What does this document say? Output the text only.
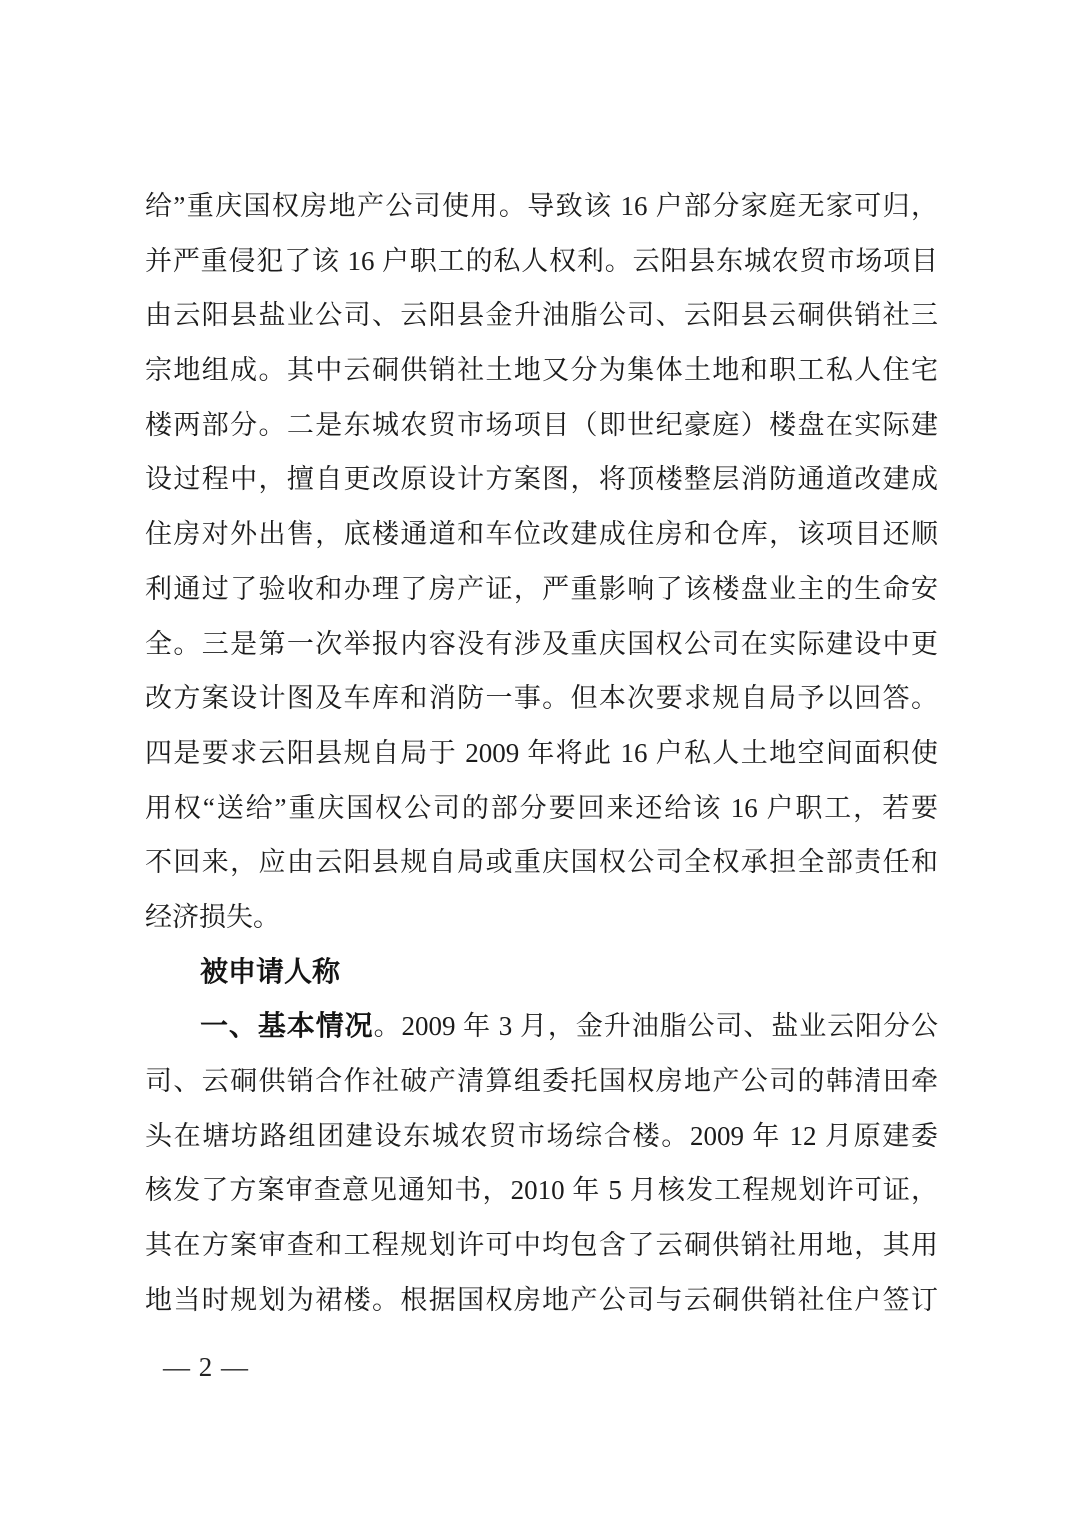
给”重庆国权房地产公司使用。导致该 16 户部分家庭无家可归，
并严重侵犯了该 16 户职工的私人权利。云阳县东城农贸市场项目
由云阳县盐业公司、云阳县金升油脂公司、云阳县云硐供销社三
宗地组成。其中云硐供销社土地又分为集体土地和职工私人住宅
楼两部分。二是东城农贸市场项目（即世纪豪庭）楼盘在实际建
设过程中，擅自更改原设计方案图，将顶楼整层消防通道改建成
住房对外出售，底楼通道和车位改建成住房和仓库，该项目还顺
利通过了验收和办理了房产证，严重影响了该楼盘业主的生命安
全。三是第一次举报内容没有涉及重庆国权公司在实际建设中更
改方案设计图及车库和消防一事。但本次要求规自局予以回答。
四是要求云阳县规自局于 2009 年将此 16 户私人土地空间面积使
用权“送给”重庆国权公司的部分要回来还给该 16 户职工，若要
不回来，应由云阳县规自局或重庆国权公司全权承担全部责任和
经济损失。
被申请人称
一、基本情况。2009 年 3 月，金升油脂公司、盐业云阳分公
司、云硐供销合作社破产清算组委托国权房地产公司的韩清田牵
头在塘坊路组团建设东城农贸市场综合楼。2009 年 12 月原建委
核发了方案审查意见通知书，2010 年 5 月核发工程规划许可证，
其在方案审查和工程规划许可中均包含了云硐供销社用地，其用
地当时规划为裙楼。根据国权房地产公司与云硐供销社住户签订
— 2 —
